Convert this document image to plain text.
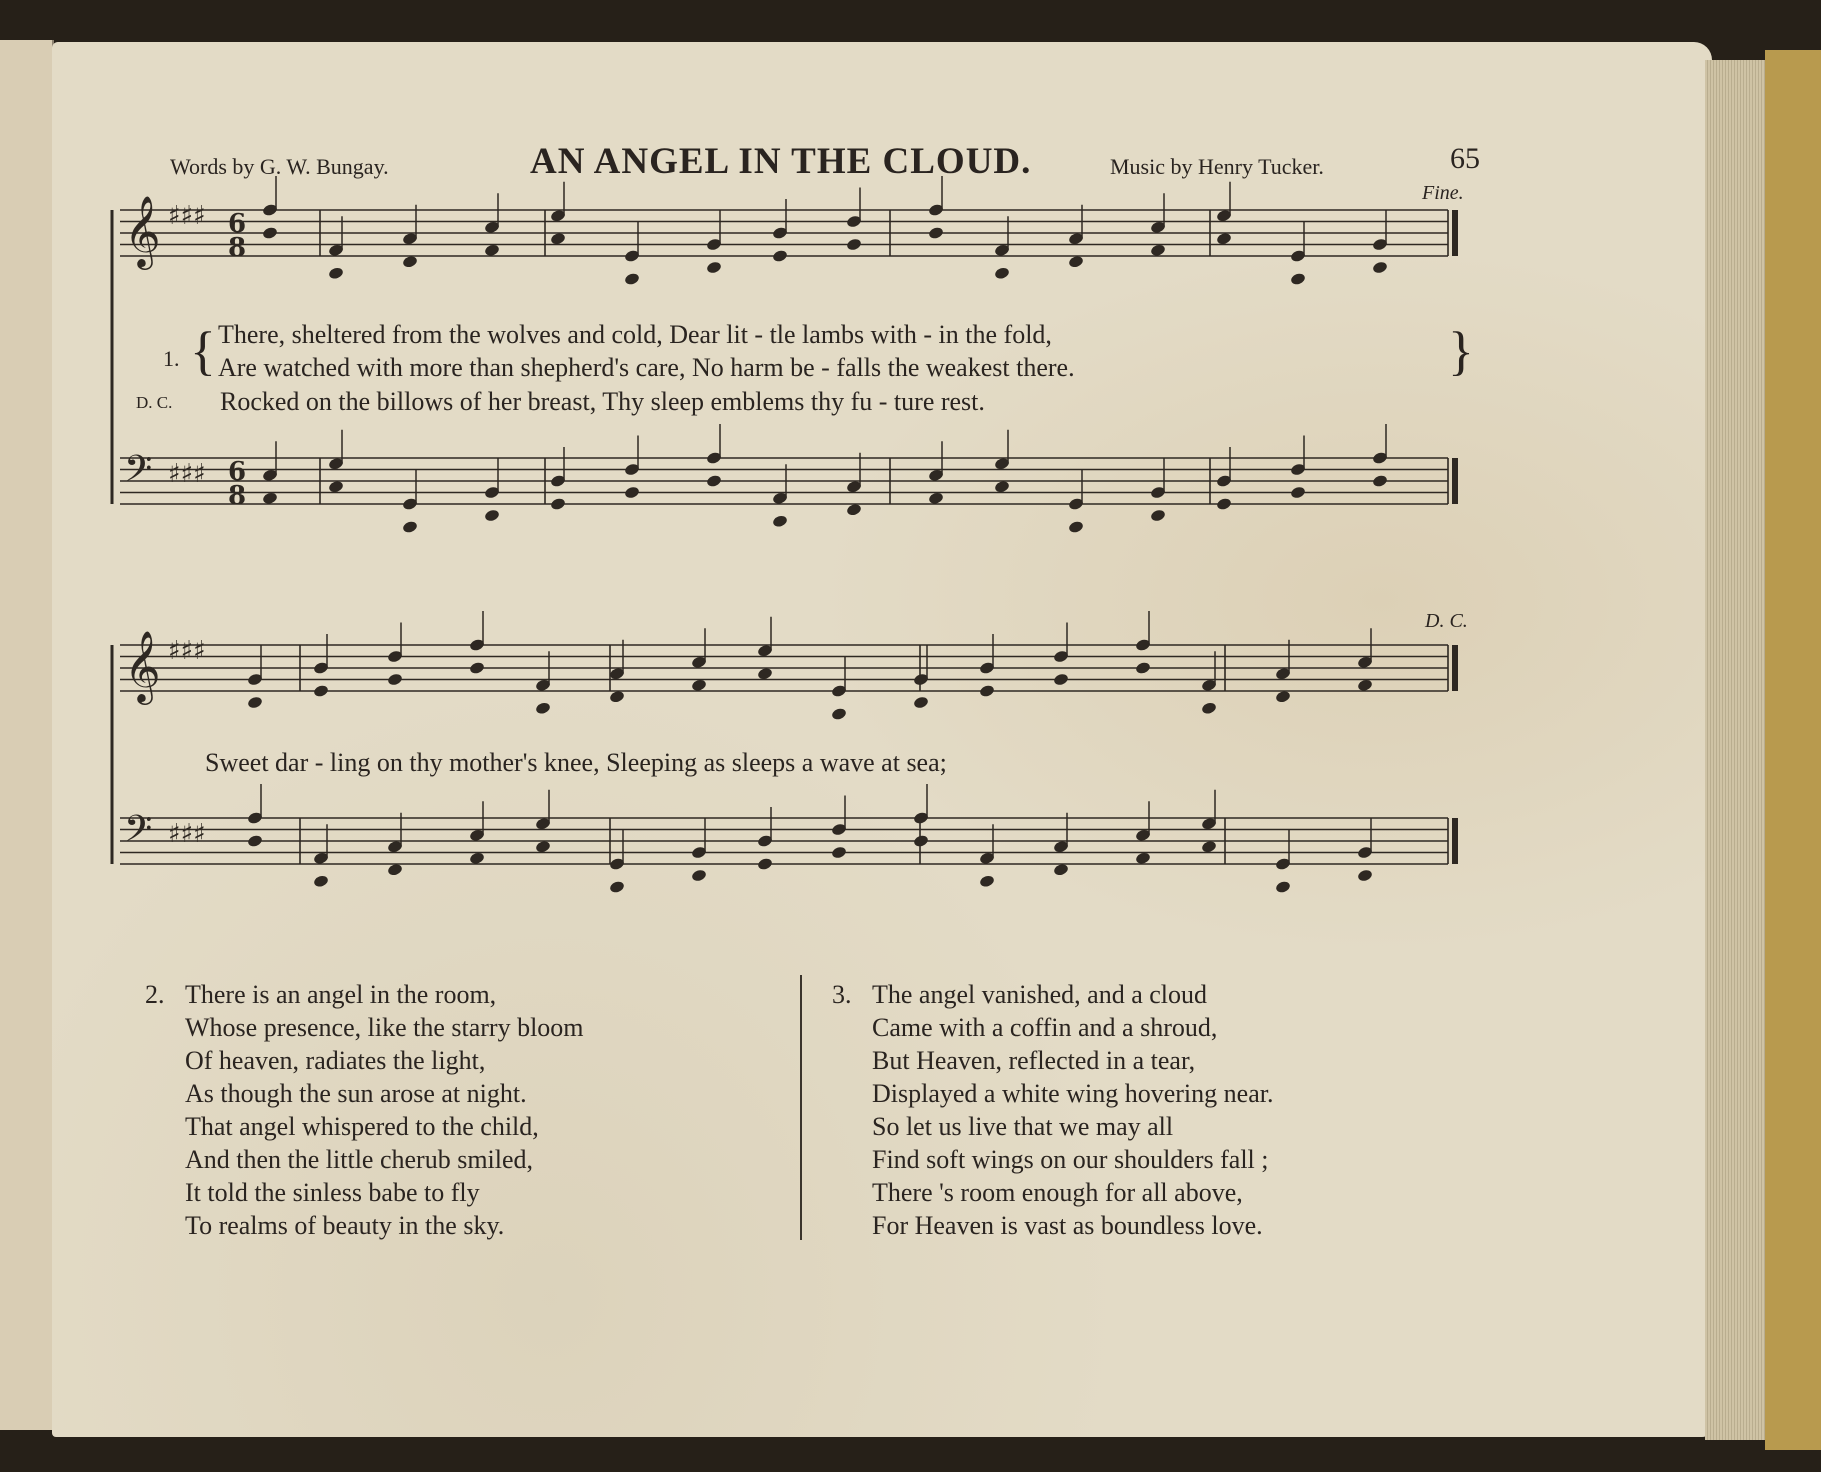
Words by G. W. Bungay.	AN ANGEL IN THE CLOUD.	Music by Henry Tucker.	65
Fine.
D. C.
𝄞 ♯♯♯ 6
8
𝄢 ♯♯♯ 6
8
𝄞 ♯♯♯
𝄢 ♯♯♯
1. { There, sheltered from the wolves and cold, Dear lit - tle lambs with - in the fold,
Are watched with more than shepherd's care, No harm be - falls the weakest there.	}
D. C. Rocked on the billows of her breast, Thy sleep emblems thy fu - ture rest.
Sweet dar - ling on thy mother's knee, Sleeping as sleeps a wave at sea;
2. There is an angel in the room,
Whose presence, like the starry bloom
Of heaven, radiates the light,
As though the sun arose at night.
That angel whispered to the child,
And then the little cherub smiled,
It told the sinless babe to fly
To realms of beauty in the sky.
3. The angel vanished, and a cloud
Came with a coffin and a shroud,
But Heaven, reflected in a tear,
Displayed a white wing hovering near.
So let us live that we may all
Find soft wings on our shoulders fall ;
There 's room enough for all above,
For Heaven is vast as boundless love.
